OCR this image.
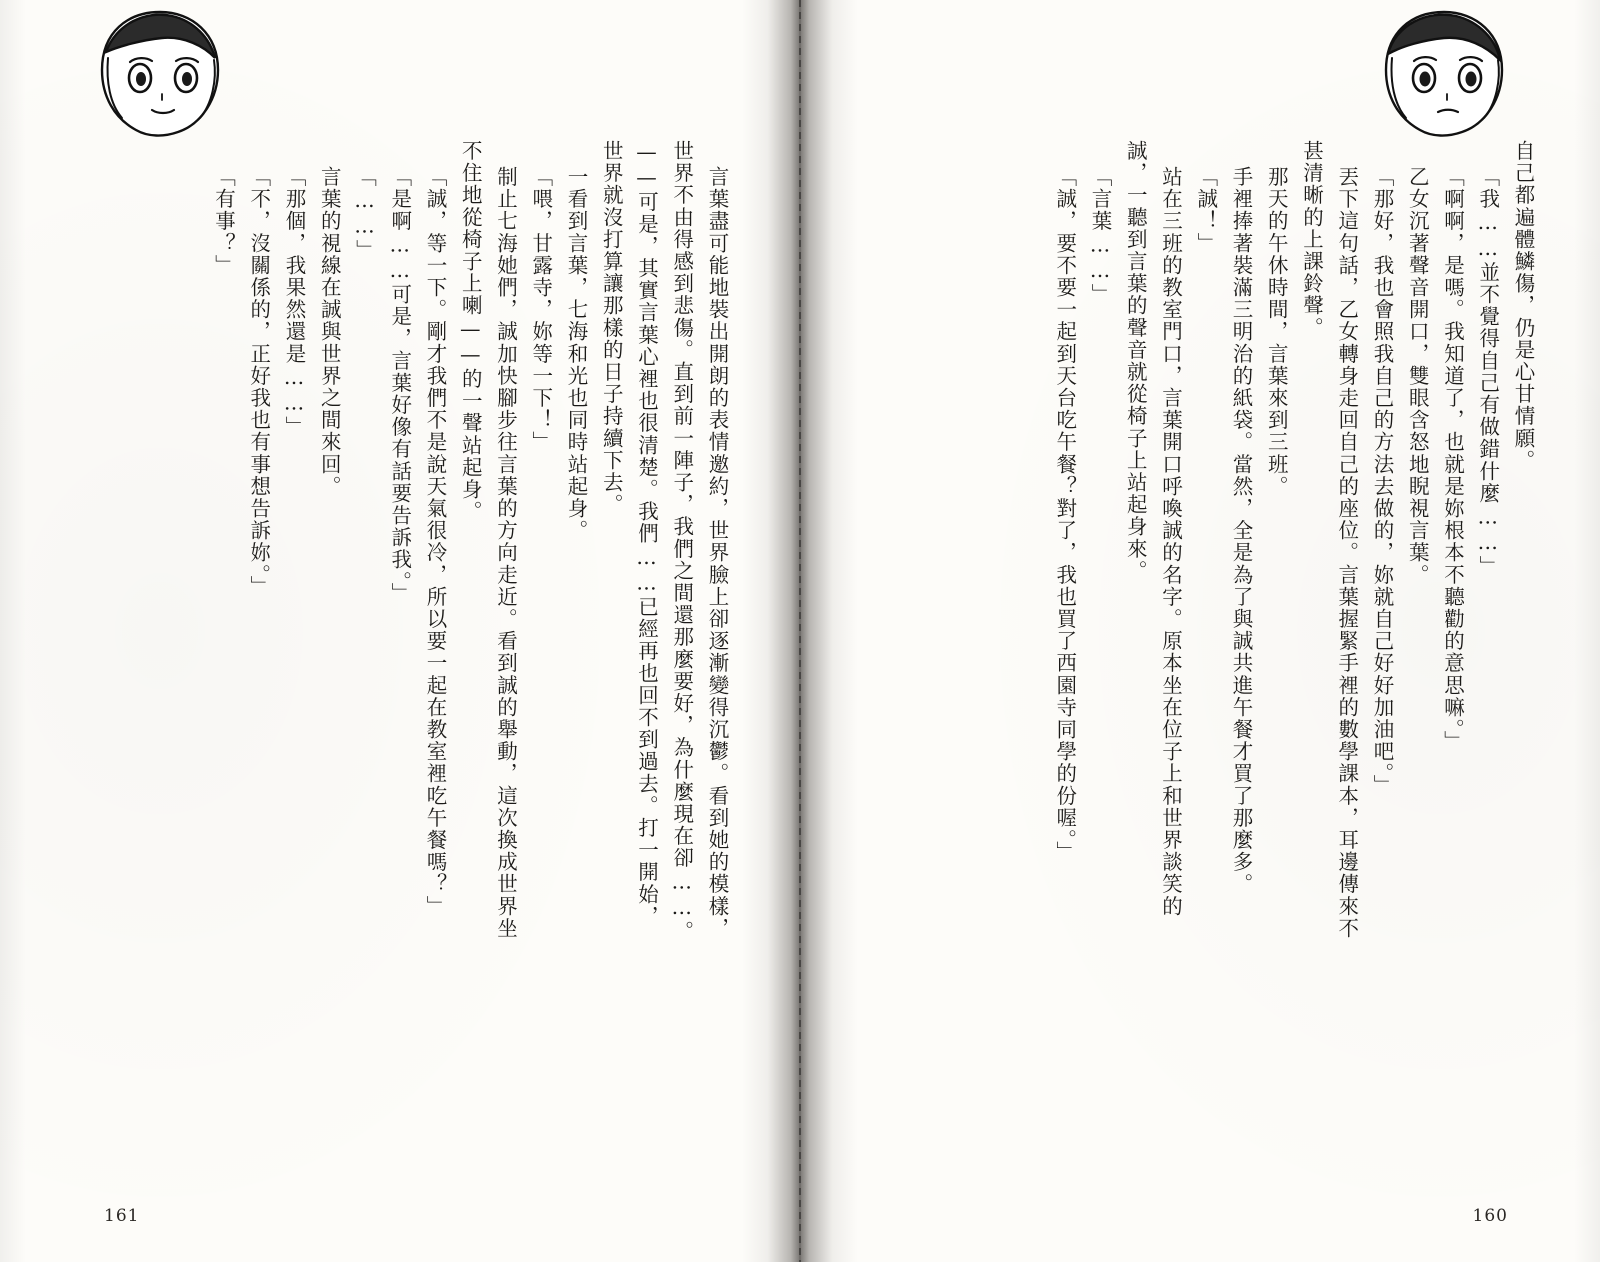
言葉盡可能地裝出開朗的表情邀約，世界臉上卻逐漸變得沉鬱。看到她的模樣，

世界不由得感到悲傷。直到前一陣子，我們之間還那麼要好，為什麼現在卻……。

——可是，其實言葉心裡也很清楚。我們……已經再也回不到過去。打一開始，

世界就沒打算讓那樣的日子持續下去。

一看到言葉，七海和光也同時站起身。

「喂，甘露寺，妳等一下！」

制止七海她們，誠加快腳步往言葉的方向走近。看到誠的舉動，這次換成世界坐

不住地從椅子上喇——的一聲站起身。

「誠，等一下。剛才我們不是說天氣很冷，所以要一起在教室裡吃午餐嗎？」

「是啊……可是，言葉好像有話要告訴我。」

「……」

言葉的視線在誠與世界之間來回。

「那個，我果然還是……」

「不，沒關係的，正好我也有事想告訴妳。」

「有事？」

161

自己都遍體鱗傷，仍是心甘情願。

「我……並不覺得自己有做錯什麼……」

「啊啊，是嗎。我知道了，也就是妳根本不聽勸的意思嘛。」

乙女沉著聲音開口，雙眼含怒地睨視言葉。

「那好，我也會照我自己的方法去做的，妳就自己好好加油吧。」

丟下這句話，乙女轉身走回自己的座位。言葉握緊手裡的數學課本，耳邊傳來不

甚清晰的上課鈴聲。

那天的午休時間，言葉來到三班。

手裡捧著裝滿三明治的紙袋。當然，全是為了與誠共進午餐才買了那麼多。

「誠！」

站在三班的教室門口，言葉開口呼喚誠的名字。原本坐在位子上和世界談笑的

誠，一聽到言葉的聲音就從椅子上站起身來。

「言葉……」

「誠，要不要一起到天台吃午餐？對了，我也買了西園寺同學的份喔。」

160
